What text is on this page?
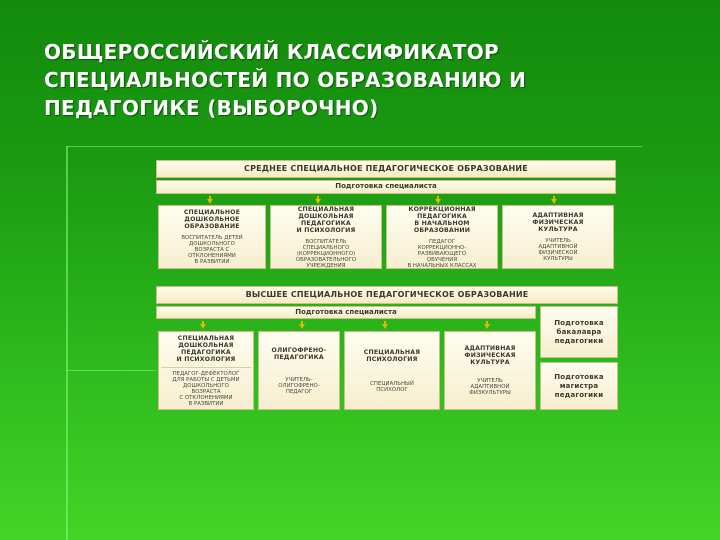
ОБЩЕРОССИЙСКИЙ КЛАССИФИКАТОР
СПЕЦИАЛЬНОСТЕЙ ПО ОБРАЗОВАНИЮ И
ПЕДАГОГИКЕ (ВЫБОРОЧНО)
СРЕДНЕЕ СПЕЦИАЛЬНОЕ ПЕДАГОГИЧЕСКОЕ ОБРАЗОВАНИЕ
Подготовка специалиста
СПЕЦИАЛЬНОЕ
ДОШКОЛЬНОЕ
ОБРАЗОВАНИЕ
ВОСПИТАТЕЛЬ ДЕТЕЙ
ДОШКОЛЬНОГО
ВОЗРАСТА С
ОТКЛОНЕНИЯМИ
В РАЗВИТИИ
СПЕЦИАЛЬНАЯ
ДОШКОЛЬНАЯ
ПЕДАГОГИКА
И ПСИХОЛОГИЯ
ВОСПИТАТЕЛЬ
СПЕЦИАЛЬНОГО
(КОРРЕКЦИОННОГО)
ОБРАЗОВАТЕЛЬНОГО
УЧРЕЖДЕНИЯ
КОРРЕКЦИОННАЯ
ПЕДАГОГИКА
В НАЧАЛЬНОМ
ОБРАЗОВАНИИ
ПЕДАГОГ
КОРРЕКЦИОННО-
РАЗВИВАЮЩЕГО
ОБУЧЕНИЯ
В НАЧАЛЬНЫХ КЛАССАХ
АДАПТИВНАЯ
ФИЗИЧЕСКАЯ
КУЛЬТУРА
УЧИТЕЛЬ
АДАПТИВНОЙ
ФИЗИЧЕСКОЙ
КУЛЬТУРЫ
ВЫСШЕЕ СПЕЦИАЛЬНОЕ ПЕДАГОГИЧЕСКОЕ ОБРАЗОВАНИЕ
Подготовка специалиста
СПЕЦИАЛЬНАЯ
ДОШКОЛЬНАЯ
ПЕДАГОГИКА
И ПСИХОЛОГИЯ
ПЕДАГОГ-ДЕФЕКТОЛОГ
ДЛЯ РАБОТЫ С ДЕТЬМИ
ДОШКОЛЬНОГО
ВОЗРАСТА
С ОТКЛОНЕНИЯМИ
В РАЗВИТИИ
ОЛИГОФРЕНО-
ПЕДАГОГИКА
УЧИТЕЛЬ-
ОЛИГОФРЕНО-
ПЕДАГОГ
СПЕЦИАЛЬНАЯ
ПСИХОЛОГИЯ
СПЕЦИАЛЬНЫЙ
ПСИХОЛОГ
АДАПТИВНАЯ
ФИЗИЧЕСКАЯ
КУЛЬТУРА
УЧИТЕЛЬ
АДАПТИВНОЙ
ФИЗКУЛЬТУРЫ
Подготовка
бакалавра
педагогики
Подготовка
магистра
педагогики
